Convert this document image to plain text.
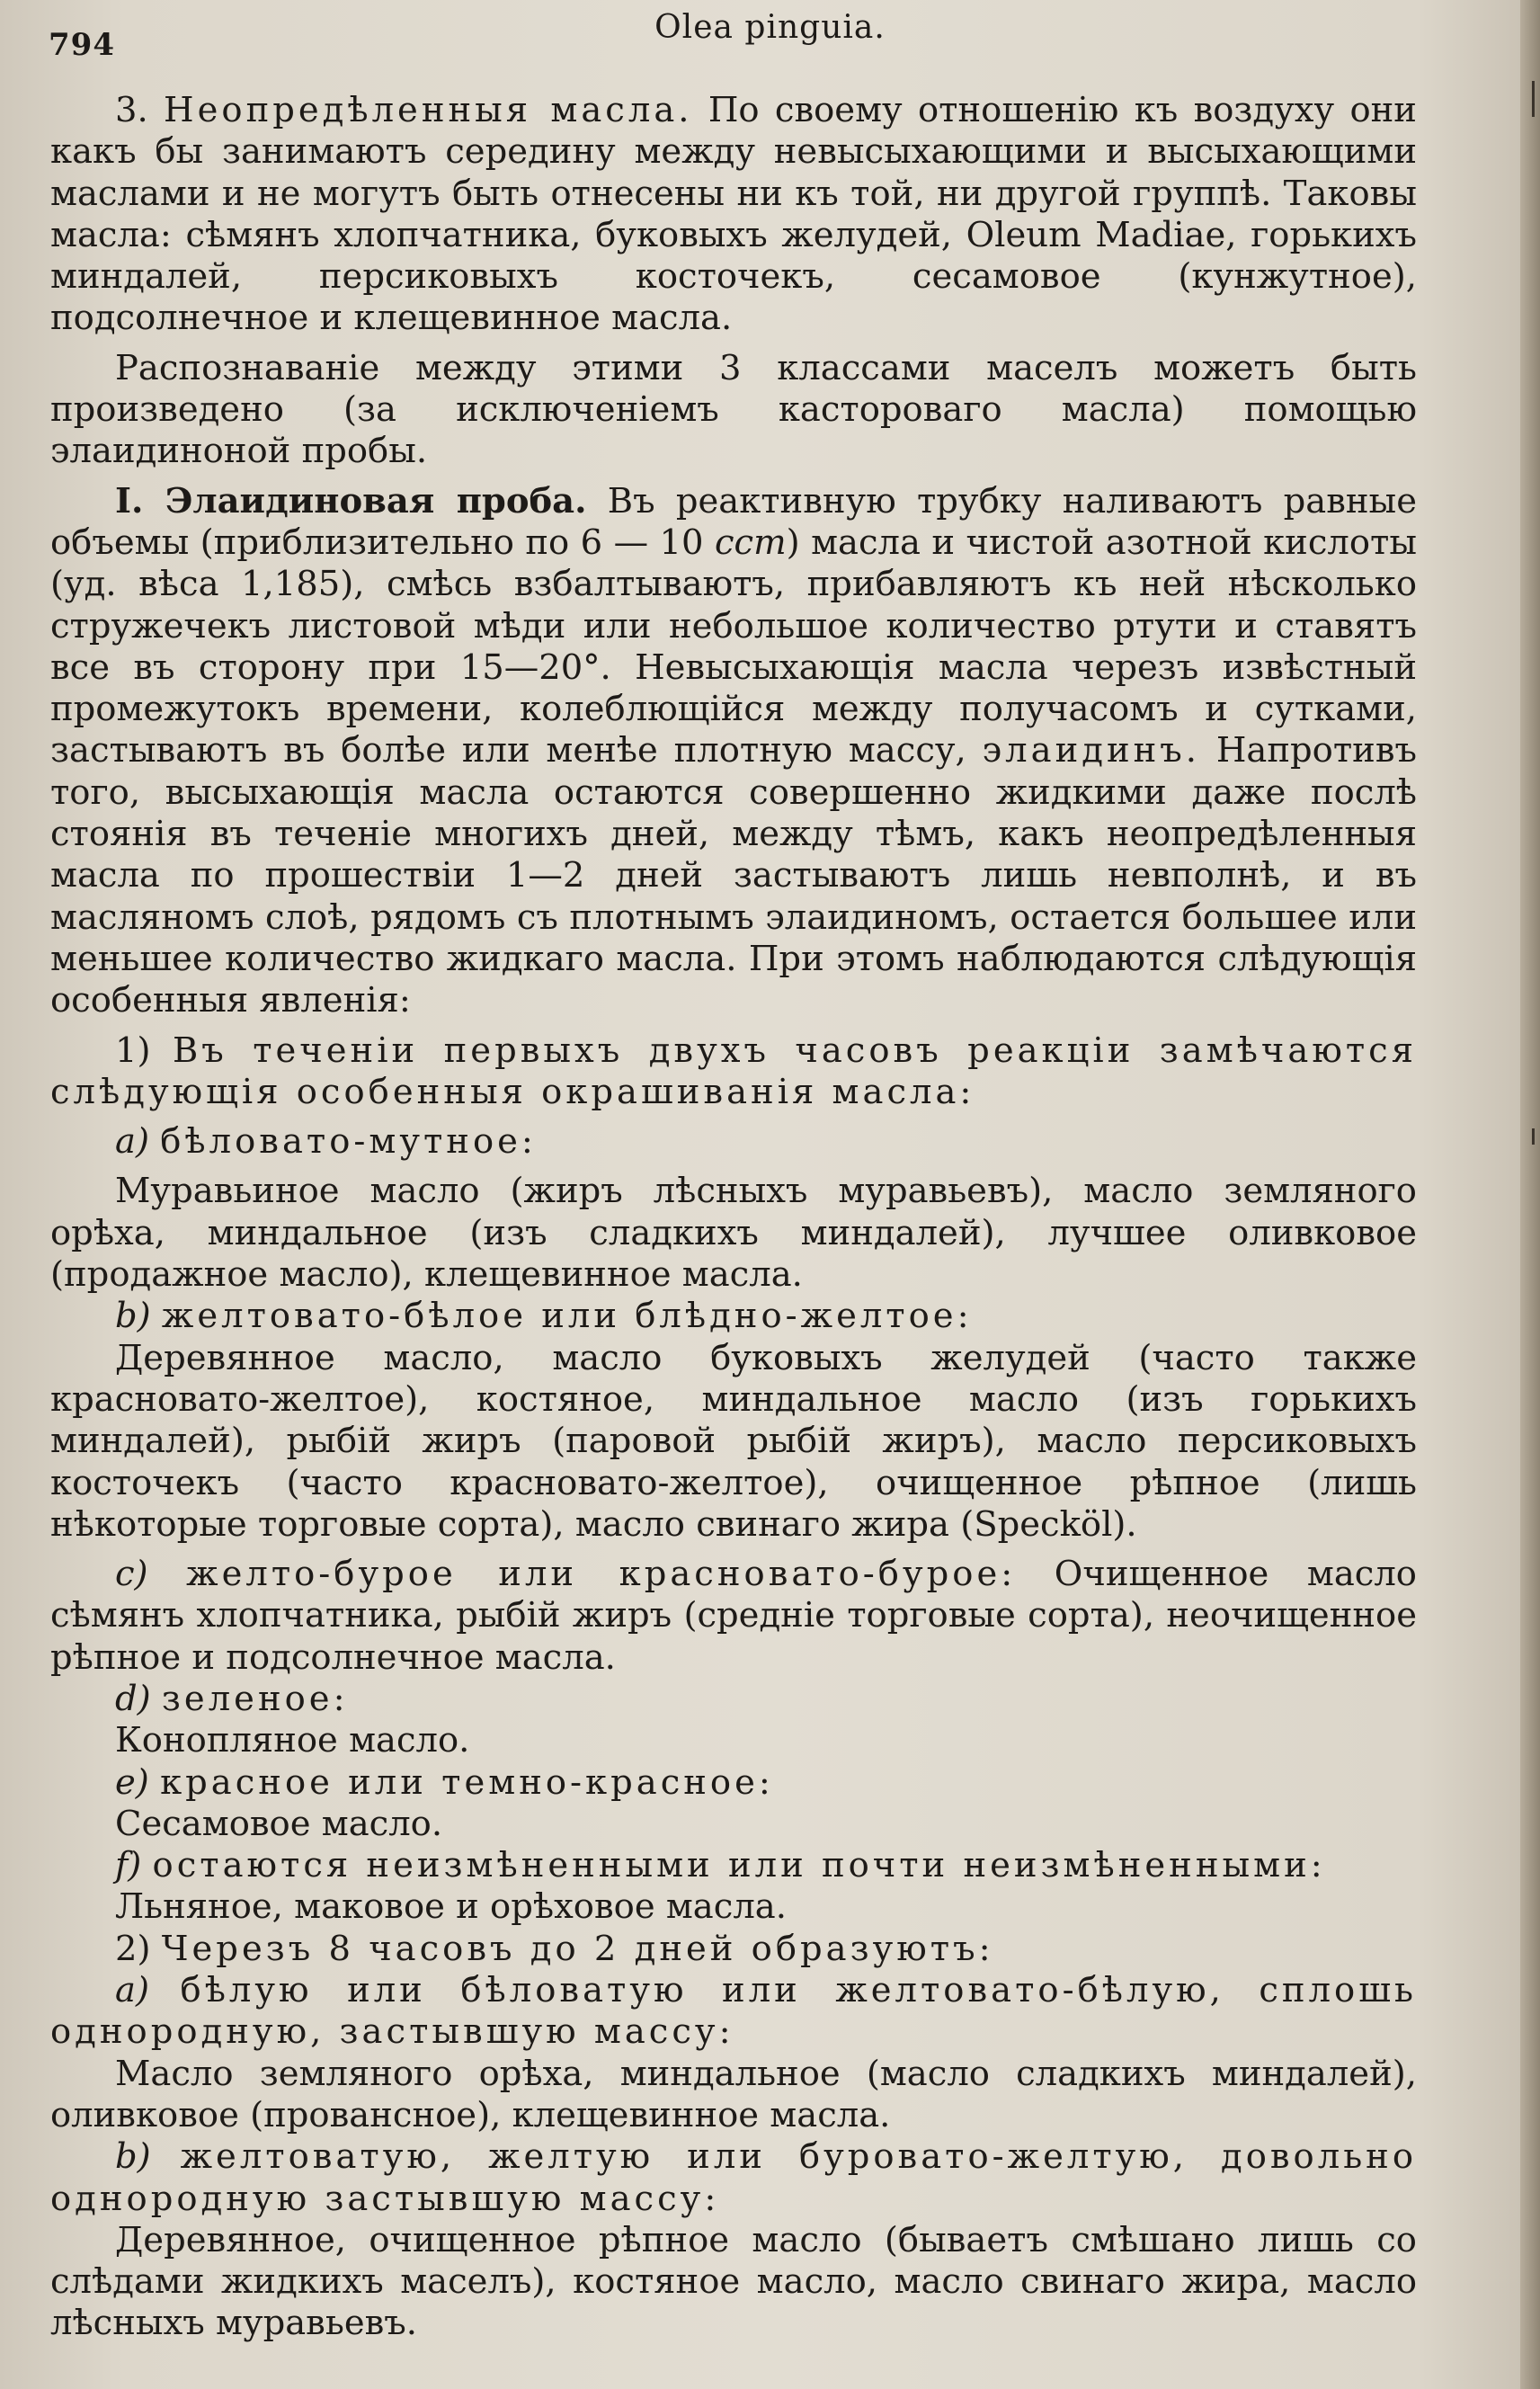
794	Olea pinguia.

3. Неопредѣленныя масла. По своему отношенію къ воздуху они какъ бы занимаютъ середину между невысыхающими и высыхающими маслами и не могутъ быть отнесены ни къ той, ни другой группѣ. Таковы масла: сѣмянъ хлопчатника, буковыхъ желудей, Oleum Madiae, горькихъ миндалей, персиковыхъ косточекъ, сесамовое (кунжутное), подсолнечное и клещевинное масла.

Распознаваніе между этими 3 классами маселъ можетъ быть произведено (за исключеніемъ кастороваго масла) помощью элаидиноной пробы.

I. Элаидиновая проба. Въ реактивную трубку наливаютъ равные объемы (приблизительно по 6 — 10 ccm) масла и чистой азотной кислоты (уд. вѣса 1,185), смѣсь взбалтываютъ, прибавляютъ къ ней нѣсколько стружечекъ листовой мѣди или небольшое количество ртути и ставятъ все въ сторону при 15—20°. Невысыхающія масла черезъ извѣстный промежутокъ времени, колеблющійся между получасомъ и сутками, застываютъ въ болѣе или менѣе плотную массу, элаидинъ. Напротивъ того, высыхающія масла остаются совершенно жидкими даже послѣ стоянія въ теченіе многихъ дней, между тѣмъ, какъ неопредѣленныя масла по прошествіи 1—2 дней застываютъ лишь невполнѣ, и въ масляномъ слоѣ, рядомъ съ плотнымъ элаидиномъ, остается большее или меньшее количество жидкаго масла. При этомъ наблюдаются слѣдующія особенныя явленія:

1) Въ теченіи первыхъ двухъ часовъ реакціи замѣчаются слѣдующія особенныя окрашиванія масла:

a) бѣловато-мутное:

Муравьиное масло (жиръ лѣсныхъ муравьевъ), масло земляного орѣха, миндальное (изъ сладкихъ миндалей), лучшее оливковое (продажное масло), клещевинное масла.

b) желтовато-бѣлое или блѣдно-желтое:

Деревянное масло, масло буковыхъ желудей (часто также красновато-желтое), костяное, миндальное масло (изъ горькихъ миндалей), рыбій жиръ (паровой рыбій жиръ), масло персиковыхъ косточекъ (часто красновато-желтое), очищенное рѣпное (лишь нѣкоторые торговые сорта), масло свинаго жира (Specköl).

c) желто-бурое или красновато-бурое: Очищенное масло сѣмянъ хлопчатника, рыбій жиръ (средніе торговые сорта), неочищенное рѣпное и подсолнечное масла.

d) зеленое:

Конопляное масло.

e) красное или темно-красное:

Сесамовое масло.

f) остаются неизмѣненными или почти неизмѣненными:

Льняное, маковое и орѣховое масла.

2) Черезъ 8 часовъ до 2 дней образуютъ:

a) бѣлую или бѣловатую или желтовато-бѣлую, сплошь однородную, застывшую массу:

Масло земляного орѣха, миндальное (масло сладкихъ миндалей), оливковое (провансное), клещевинное масла.

b) желтоватую, желтую или буровато-желтую, довольно однородную застывшую массу:

Деревянное, очищенное рѣпное масло (бываетъ смѣшано лишь со слѣдами жидкихъ маселъ), костяное масло, масло свинаго жира, масло лѣсныхъ муравьевъ.
